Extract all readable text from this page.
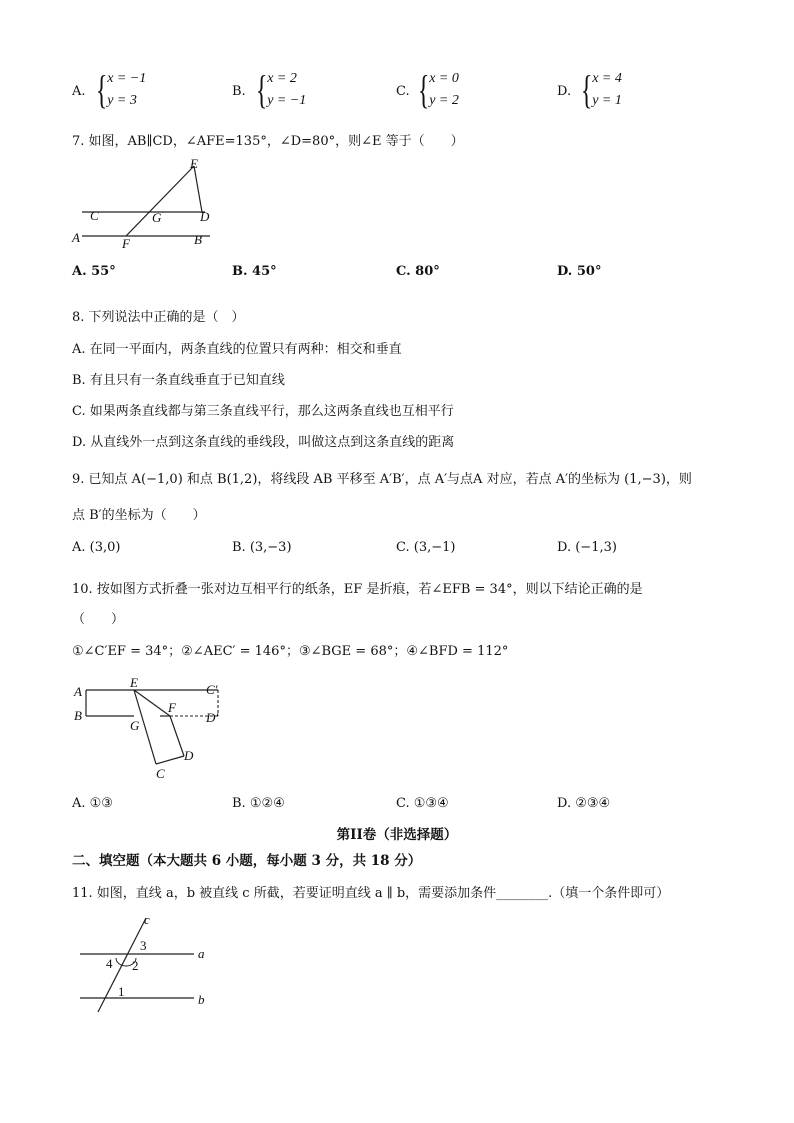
A. { x = −1
y = 3
B. { x = 2
y = −1
C. { x = 0
y = 2
D. { x = 4
y = 1
7. 如图，AB∥CD，∠AFE=135°，∠D=80°，则∠E 等于（　　）
E
C	G	D
A	F	B
A. 55°	B. 45°	C. 80°	D. 50°
8. 下列说法中正确的是（　）
A. 在同一平面内，两条直线的位置只有两种：相交和垂直
B. 有且只有一条直线垂直于已知直线
C. 如果两条直线都与第三条直线平行，那么这两条直线也互相平行
D. 从直线外一点到这条直线的垂线段，叫做这点到这条直线的距离
9. 已知点 A(−1,0) 和点 B(1,2)，将线段 AB 平移至 A′B′，点 A′与点A 对应，若点 A′的坐标为 (1,−3)，则
点 B′的坐标为（　　）
A. (3,0)	B. (3,−3)	C. (3,−1)	D. (−1,3)
10. 按如图方式折叠一张对边互相平行的纸条，EF 是折痕，若∠EFB = 34°，则以下结论正确的是
（　　）
①∠C′EF = 34°；②∠AEC′ = 146°；③∠BGE = 68°；④∠BFD = 112°
A
E	C′
B
F
D′
G
D
C
A. ①③	B. ①②④	C. ①③④	D. ②③④
第II卷（非选择题）
二、填空题（本大题共 6 小题，每小题 3 分，共 18 分）
11. 如图，直线 a，b 被直线 c 所截，若要证明直线 a ∥ b，需要添加条件________.（填一个条件即可）
c
a
b
3
4 2
1
